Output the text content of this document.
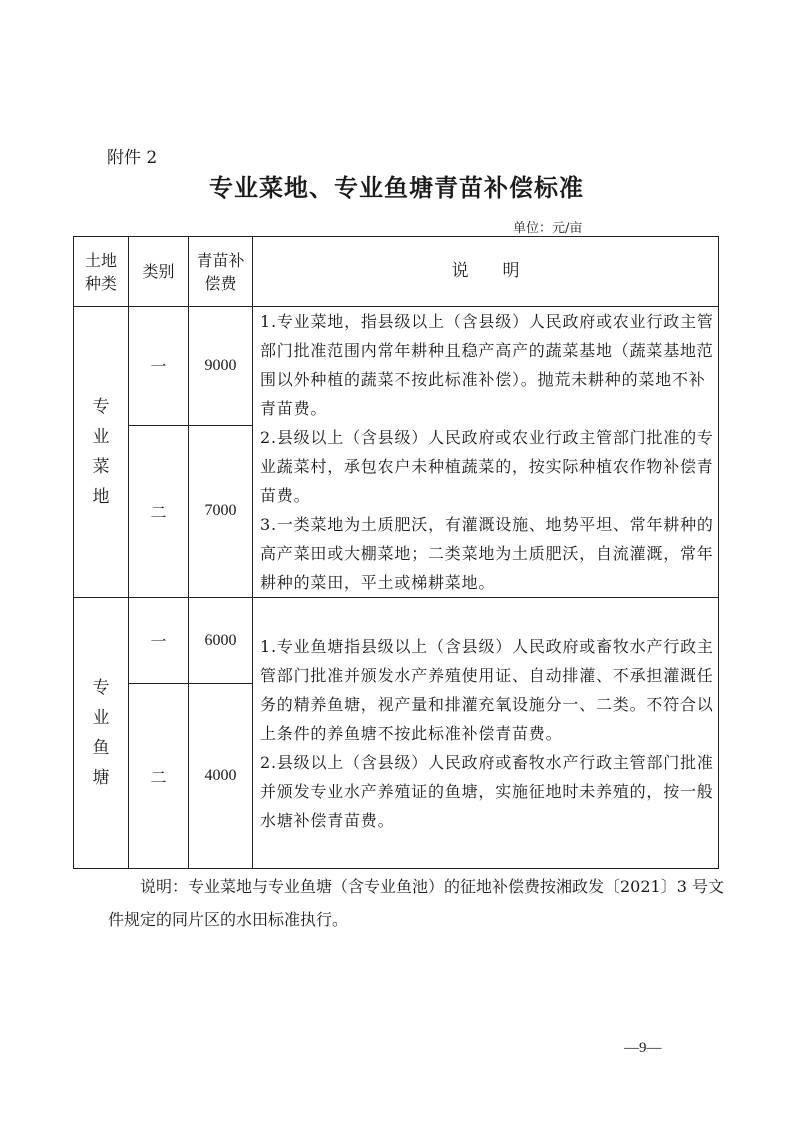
附件 2
专业菜地、专业鱼塘青苗补偿标准
单位：元/亩
土地种类	类别	青苗补偿费	说　　明

专业菜地	一	9000	1.专业菜地，指县级以上（含县级）人民政府或农业行政主管部门批准范围内常年耕种且稳产高产的蔬菜基地（蔬菜基地范围以外种植的蔬菜不按此标准补偿）。抛荒未耕种的菜地不补青苗费。

2.县级以上（含县级）人民政府或农业行政主管部门批准的专业蔬菜村，承包农户未种植蔬菜的，按实际种植农作物补偿青苗费。

3.一类菜地为土质肥沃，有灌溉设施、地势平坦、常年耕种的高产菜田或大棚菜地；二类菜地为土质肥沃，自流灌溉，常年耕种的菜田，平土或梯耕菜地。

	二	7000	

专业鱼塘	一	6000	1.专业鱼塘指县级以上（含县级）人民政府或畜牧水产行政主管部门批准并颁发水产养殖使用证、自动排灌、不承担灌溉任务的精养鱼塘，视产量和排灌充氧设施分一、二类。不符合以上条件的养鱼塘不按此标准补偿青苗费。

2.县级以上（含县级）人民政府或畜牧水产行政主管部门批准并颁发专业水产养殖证的鱼塘，实施征地时未养殖的，按一般水塘补偿青苗费。

	二	4000	

说明：专业菜地与专业鱼塘（含专业鱼池）的征地补偿费按湘政发〔2021〕3 号文件规定的同片区的水田标准执行。

—9—
